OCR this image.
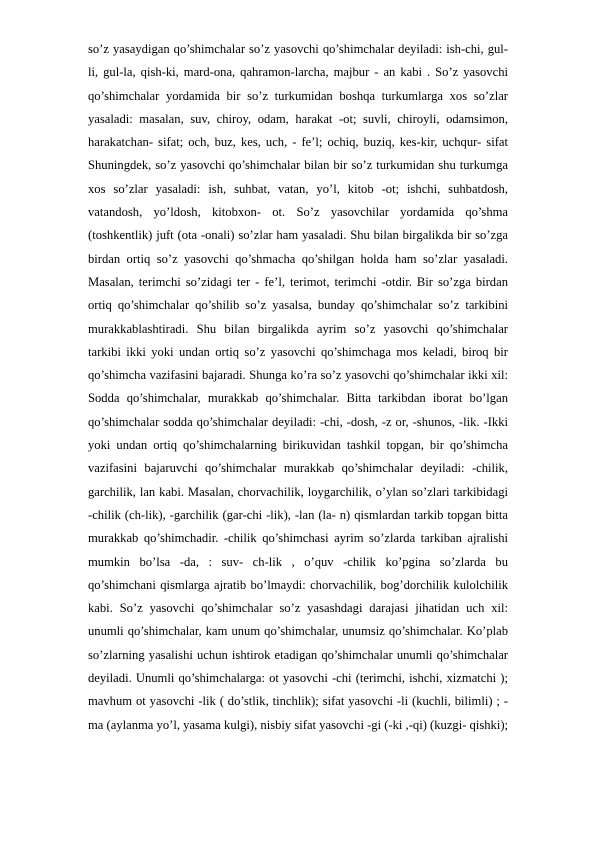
so’z yasaydigan qo’shimchalar so’z yasovchi qo’shimchalar deyiladi: ish-chi, gul-
li, gul-la, qish-ki, mard-ona, qahramon-larcha, majbur - an kabi . So’z yasovchi
qo’shimchalar yordamida bir so’z turkumidan boshqa turkumlarga xos so’zlar
yasaladi: masalan, suv, chiroy, odam, harakat -ot; suvli, chiroyli, odamsimon,
harakatchan- sifat; och, buz, kes, uch, - fe’l; ochiq, buziq, kes-kir, uchqur- sifat
Shuningdek, so’z yasovchi qo’shimchalar bilan bir so’z turkumidan shu turkumga
xos so’zlar yasaladi: ish, suhbat, vatan, yo’l, kitob -ot; ishchi, suhbatdosh,
vatandosh, yo’ldosh, kitobxon- ot. So’z yasovchilar yordamida qo’shma
(toshkentlik) juft (ota -onali) so’zlar ham yasaladi. Shu bilan birgalikda bir so’zga
birdan ortiq so’z yasovchi qo’shmacha qo’shilgan holda ham so’zlar yasaladi.
Masalan, terimchi so’zidagi ter - fe’l, terimot, terimchi -otdir. Bir so’zga birdan
ortiq qo’shimchalar qo’shilib so’z yasalsa, bunday qo’shimchalar so’z tarkibini
murakkablashtiradi. Shu bilan birgalikda ayrim so’z yasovchi qo’shimchalar
tarkibi ikki yoki undan ortiq so’z yasovchi qo’shimchaga mos keladi, biroq bir
qo’shimcha vazifasini bajaradi. Shunga ko’ra so’z yasovchi qo’shimchalar ikki xil:
Sodda qo’shimchalar, murakkab qo’shimchalar. Bitta tarkibdan iborat bo’lgan
qo’shimchalar sodda qo’shimchalar deyiladi: -chi, -dosh, -z or, -shunos, -lik. -Ikki
yoki undan ortiq qo’shimchalarning birikuvidan tashkil topgan, bir qo’shimcha
vazifasini bajaruvchi qo’shimchalar murakkab qo’shimchalar deyiladi: -chilik,
garchilik, lan kabi. Masalan, chorvachilik, loygarchilik, o’ylan so’zlari tarkibidagi
-chilik (ch-lik), -garchilik (gar-chi -lik), -lan (la- n) qismlardan tarkib topgan bitta
murakkab qo’shimchadir. -chilik qo’shimchasi ayrim so’zlarda tarkiban ajralishi
mumkin bo’lsa -da, : suv- ch-lik , o’quv -chilik ko’pgina so’zlarda bu
qo’shimchani qismlarga ajratib bo’lmaydi: chorvachilik, bog’dorchilik kulolchilik
kabi. So’z yasovchi qo’shimchalar so’z yasashdagi darajasi jihatidan uch xil:
unumli qo’shimchalar, kam unum qo’shimchalar, unumsiz qo’shimchalar. Ko’plab
so’zlarning yasalishi uchun ishtirok etadigan qo’shimchalar unumli qo’shimchalar
deyiladi. Unumli qo’shimchalarga: ot yasovchi -chi (terimchi, ishchi, xizmatchi );
mavhum ot yasovchi -lik ( do’stlik, tinchlik); sifat yasovchi -li (kuchli, bilimli) ; -
ma (aylanma yo’l, yasama kulgi), nisbiy sifat yasovchi -gi (-ki ,-qi) (kuzgi- qishki);
